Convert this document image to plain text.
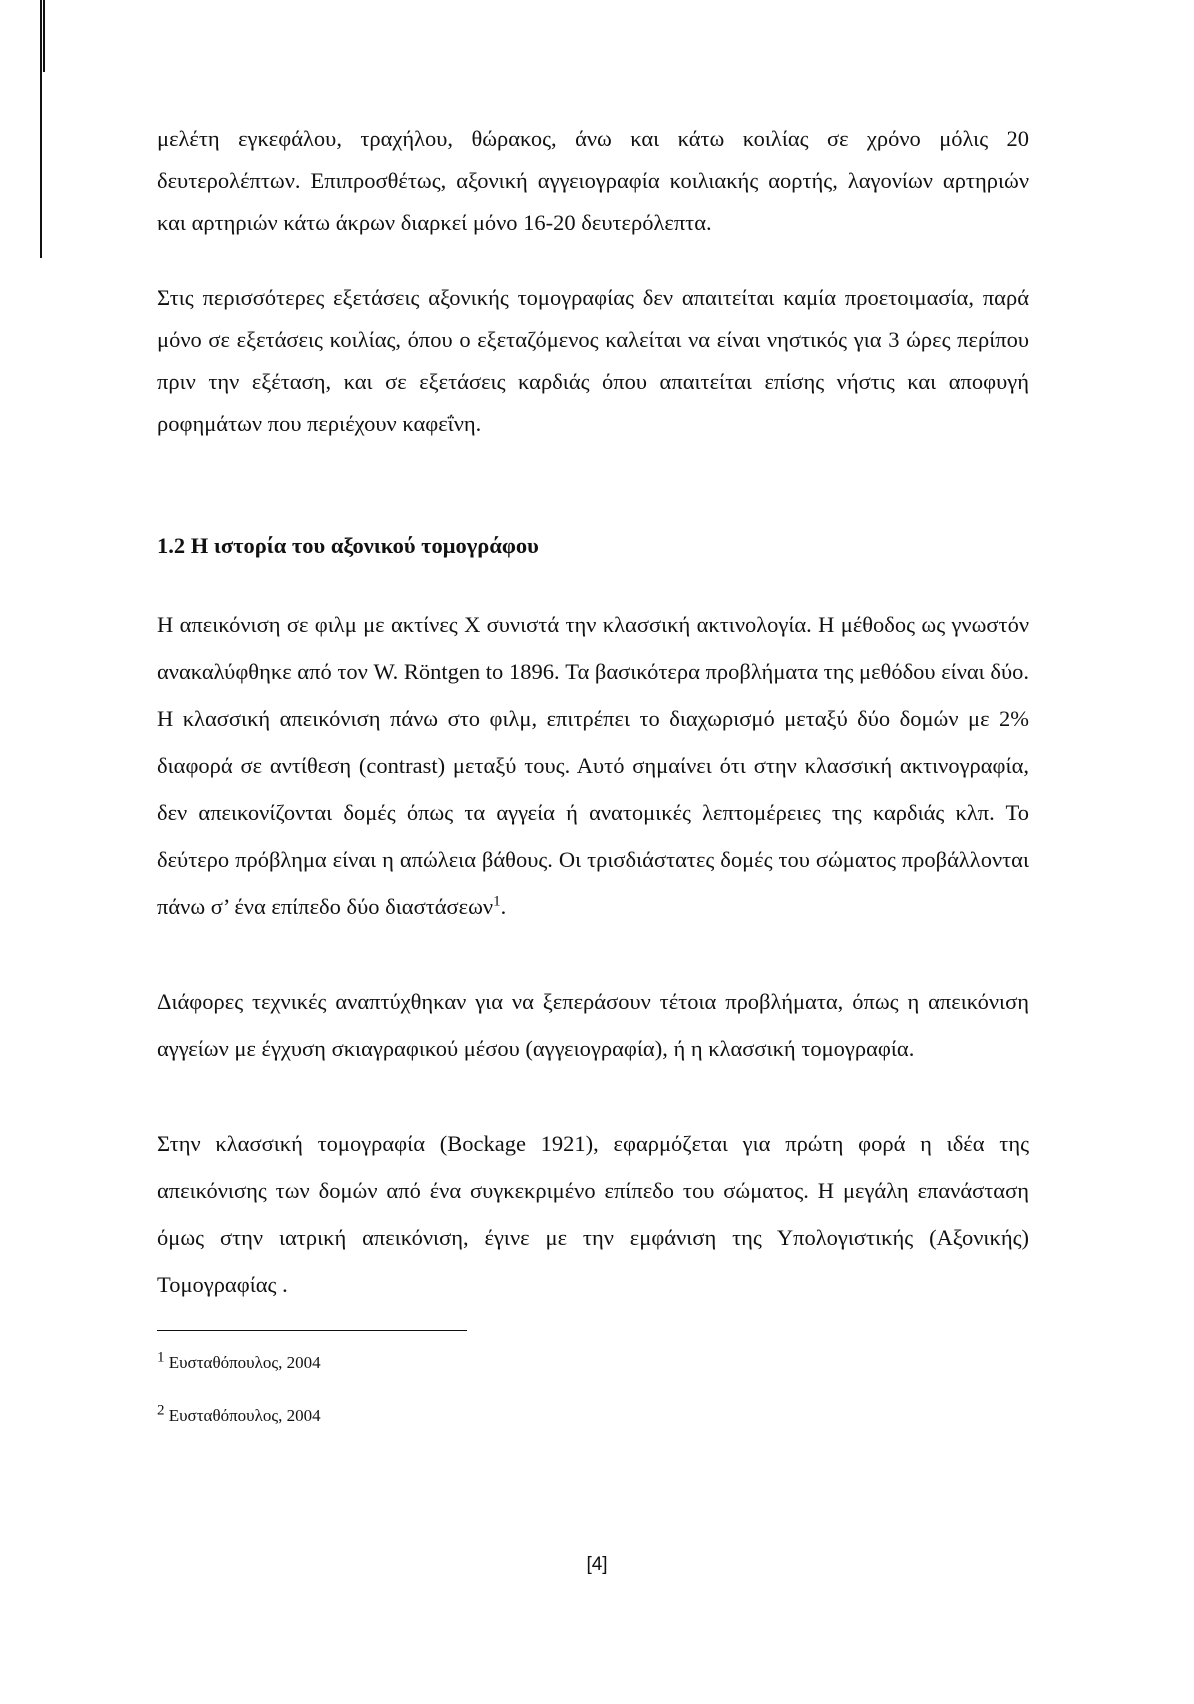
μελέτη εγκεφάλου, τραχήλου, θώρακος, άνω και κάτω κοιλίας σε χρόνο μόλις 20 δευτερολέπτων. Επιπροσθέτως, αξονική αγγειογραφία κοιλιακής αορτής, λαγονίων αρτηριών και αρτηριών κάτω άκρων διαρκεί μόνο 16-20 δευτερόλεπτα.

Στις περισσότερες εξετάσεις αξονικής τομογραφίας δεν απαιτείται καμία προετοιμασία, παρά μόνο σε εξετάσεις κοιλίας, όπου ο εξεταζόμενος καλείται να είναι νηστικός για 3 ώρες περίπου πριν την εξέταση, και σε εξετάσεις καρδιάς όπου απαιτείται επίσης νήστις και αποφυγή ροφημάτων που περιέχουν καφεΐνη.

1.2 Η ιστορία του αξονικού τομογράφου

Η απεικόνιση σε φιλμ με ακτίνες Χ συνιστά την κλασσική ακτινολογία. Η μέθοδος ως γνωστόν ανακαλύφθηκε από τον W. Röntgen to 1896. Τα βασικότερα προβλήματα της μεθόδου είναι δύο. Η κλασσική απεικόνιση πάνω στο φιλμ, επιτρέπει το διαχωρισμό μεταξύ δύο δομών με 2% διαφορά σε αντίθεση (contrast) μεταξύ τους. Αυτό σημαίνει ότι στην κλασσική ακτινογραφία, δεν απεικονίζονται δομές όπως τα αγγεία ή ανατομικές λεπτομέρειες της καρδιάς κλπ. Το δεύτερο πρόβλημα είναι η απώλεια βάθους. Οι τρισδιάστατες δομές του σώματος προβάλλονται πάνω σ’ ένα επίπεδο δύο διαστάσεων$^1$.

Διάφορες τεχνικές αναπτύχθηκαν για να ξεπεράσουν τέτοια προβλήματα, όπως η απεικόνιση αγγείων με έγχυση σκιαγραφικού μέσου (αγγειογραφία), ή η κλασσική τομογραφία.

Στην κλασσική τομογραφία (Bockage 1921), εφαρμόζεται για πρώτη φορά η ιδέα της απεικόνισης των δομών από ένα συγκεκριμένο επίπεδο του σώματος. Η μεγάλη επανάσταση όμως στην ιατρική απεικόνιση, έγινε με την εμφάνιση της Υπολογιστικής (Αξονικής) Τομογραφίας .

$^1$ Ευσταθόπουλος, 2004
$^2$ Ευσταθόπουλος, 2004
[4]
